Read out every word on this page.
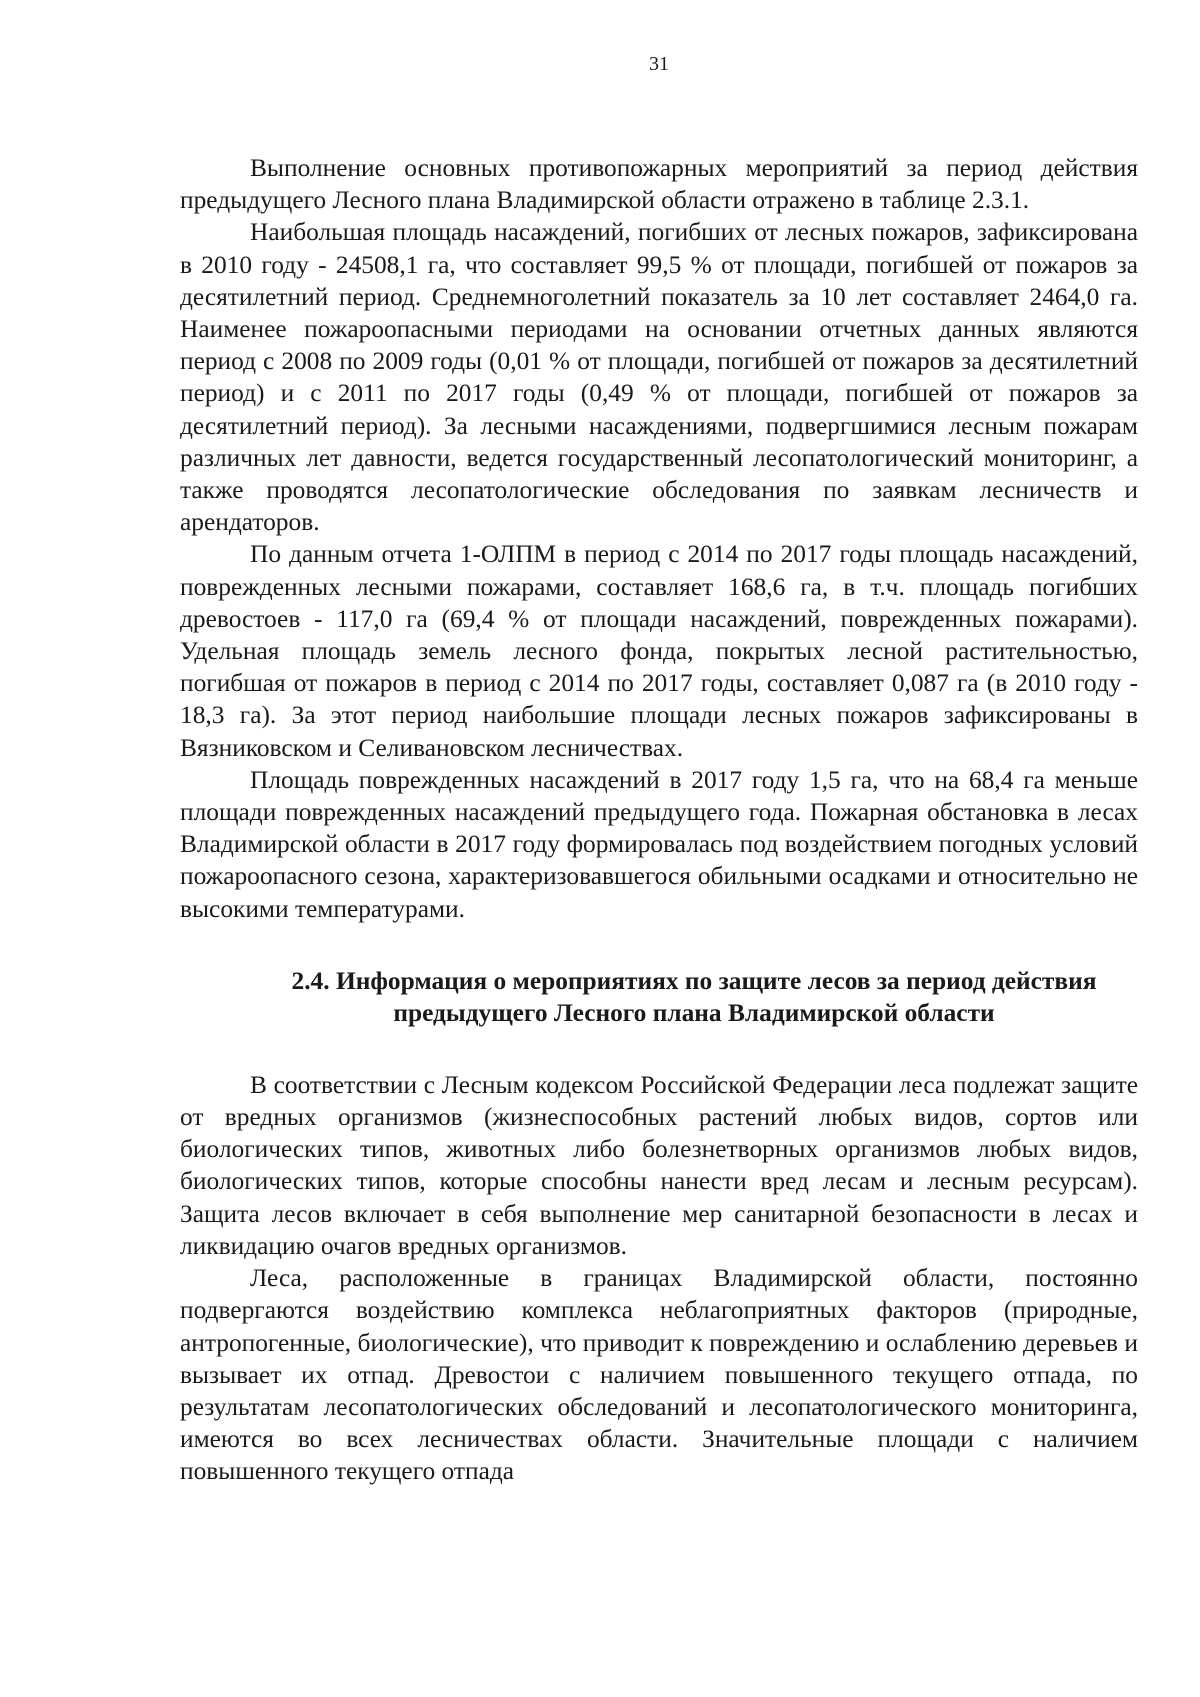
31

Выполнение основных противопожарных мероприятий за период действия предыдущего Лесного плана Владимирской области отражено в таблице 2.3.1.

Наибольшая площадь насаждений, погибших от лесных пожаров, зафиксирована в 2010 году - 24508,1 га, что составляет 99,5 % от площади, погибшей от пожаров за десятилетний период. Среднемноголетний показатель за 10 лет составляет 2464,0 га. Наименее пожароопасными периодами на основании отчетных данных являются период с 2008 по 2009 годы (0,01 % от площади, погибшей от пожаров за десятилетний период) и с 2011 по 2017 годы (0,49 % от площади, погибшей от пожаров за десятилетний период). За лесными насаждениями, подвергшимися лесным пожарам различных лет давности, ведется государственный лесопатологический мониторинг, а также проводятся лесопатологические обследования по заявкам лесничеств и арендаторов.

По данным отчета 1-ОЛПМ в период с 2014 по 2017 годы площадь насаждений, поврежденных лесными пожарами, составляет 168,6 га, в т.ч. площадь погибших древостоев - 117,0 га (69,4 % от площади насаждений, поврежденных пожарами). Удельная площадь земель лесного фонда, покрытых лесной растительностью, погибшая от пожаров в период с 2014 по 2017 годы, составляет 0,087 га (в 2010 году - 18,3 га). За этот период наибольшие площади лесных пожаров зафиксированы в Вязниковском и Селивановском лесничествах.

Площадь поврежденных насаждений в 2017 году 1,5 га, что на 68,4 га меньше площади поврежденных насаждений предыдущего года. Пожарная обстановка в лесах Владимирской области в 2017 году формировалась под воздействием погодных условий пожароопасного сезона, характеризовавшегося обильными осадками и относительно не высокими температурами.

2.4. Информация о мероприятиях по защите лесов за период действия предыдущего Лесного плана Владимирской области

В соответствии с Лесным кодексом Российской Федерации леса подлежат защите от вредных организмов (жизнеспособных растений любых видов, сортов или биологических типов, животных либо болезнетворных организмов любых видов, биологических типов, которые способны нанести вред лесам и лесным ресурсам). Защита лесов включает в себя выполнение мер санитарной безопасности в лесах и ликвидацию очагов вредных организмов.

Леса, расположенные в границах Владимирской области, постоянно подвергаются воздействию комплекса неблагоприятных факторов (природные, антропогенные, биологические), что приводит к повреждению и ослаблению деревьев и вызывает их отпад. Древостои с наличием повышенного текущего отпада, по результатам лесопатологических обследований и лесопатологического мониторинга, имеются во всех лесничествах области. Значительные площади с наличием повышенного текущего отпада
